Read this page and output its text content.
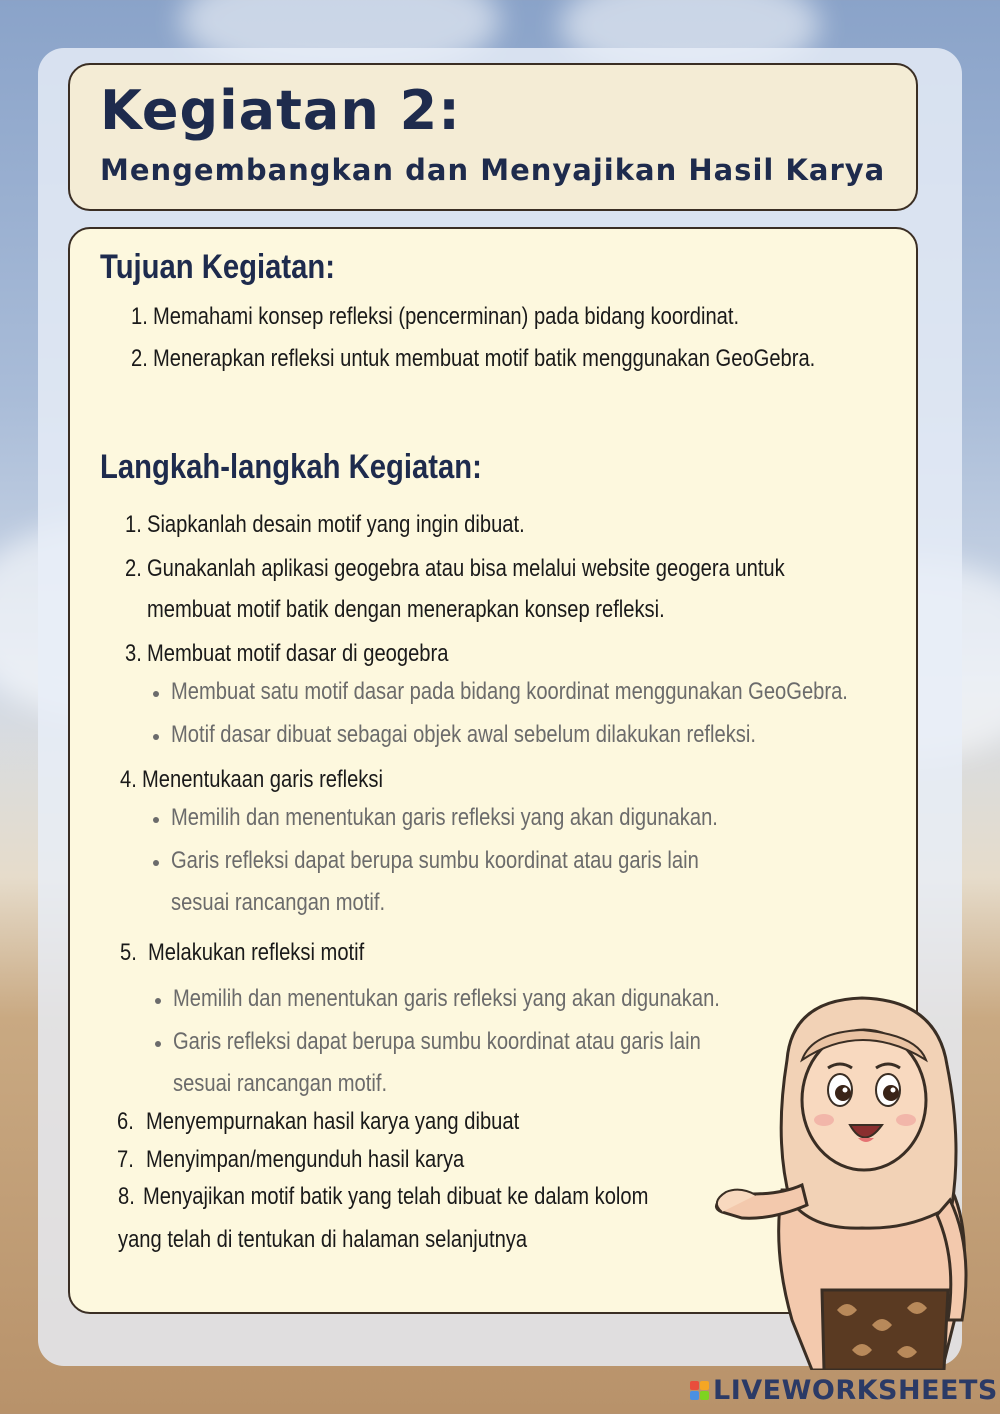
Kegiatan 2:
Mengembangkan dan Menyajikan Hasil Karya
Tujuan Kegiatan:
1. Memahami konsep refleksi (pencerminan) pada bidang koordinat.
2. Menerapkan refleksi untuk membuat motif batik menggunakan GeoGebra.
Langkah-langkah Kegiatan:
1. Siapkanlah desain motif yang ingin dibuat.
2. Gunakanlah aplikasi geogebra atau bisa melalui website geogera untuk
membuat motif batik dengan menerapkan konsep refleksi.
3. Membuat motif dasar di geogebra
Membuat satu motif dasar pada bidang koordinat menggunakan GeoGebra.
Motif dasar dibuat sebagai objek awal sebelum dilakukan refleksi.
4. Menentukaan garis refleksi
Memilih dan menentukan garis refleksi yang akan digunakan.
Garis refleksi dapat berupa sumbu koordinat atau garis lain
sesuai rancangan motif.
5. Melakukan refleksi motif
Memilih dan menentukan garis refleksi yang akan digunakan.
Garis refleksi dapat berupa sumbu koordinat atau garis lain
sesuai rancangan motif.
6. Menyempurnakan hasil karya yang dibuat
7. Menyimpan/mengunduh hasil karya
8. Menyajikan motif batik yang telah dibuat ke dalam kolom
yang telah di tentukan di halaman selanjutnya
LIVEWORKSHEETS
